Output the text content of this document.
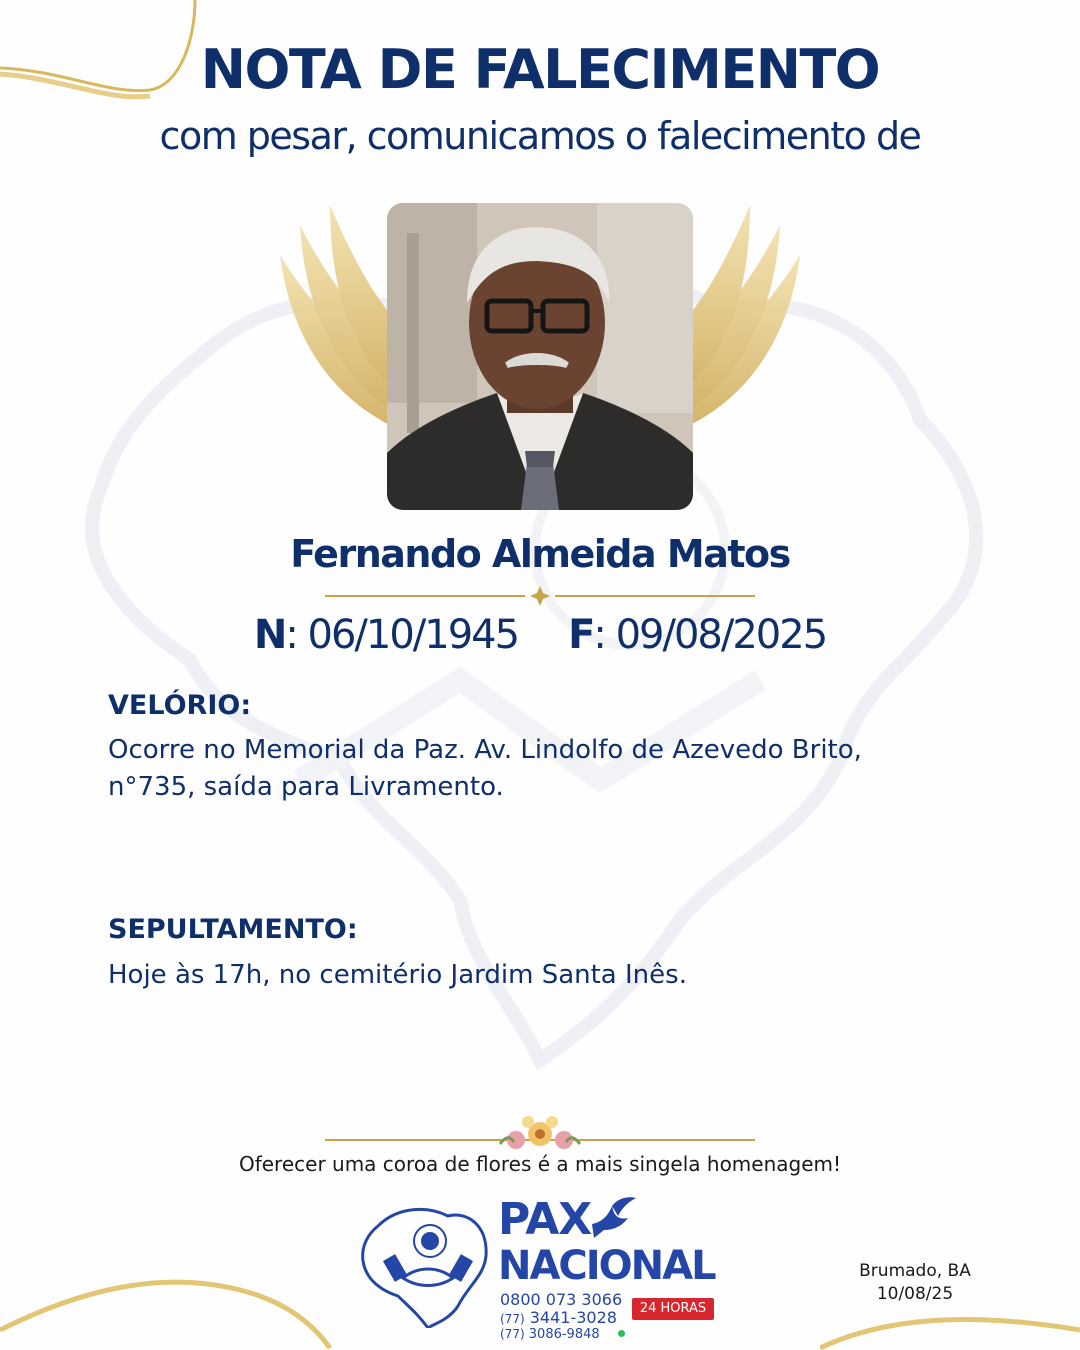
NOTA DE FALECIMENTO
com pesar, comunicamos o falecimento de
Fernando Almeida Matos
N: 06/10/1945 F: 09/08/2025
VELÓRIO:
Ocorre no Memorial da Paz. Av. Lindolfo de Azevedo Brito,
n°735, saída para Livramento.
SEPULTAMENTO:
Hoje às 17h, no cemitério Jardim Santa Inês.
Oferecer uma coroa de flores é a mais singela homenagem!
PAX
NACIONAL
0800 073 3066
(77) 3441-3028
(77) 3086-9848
24 HORAS
Brumado, BA
10/08/25
